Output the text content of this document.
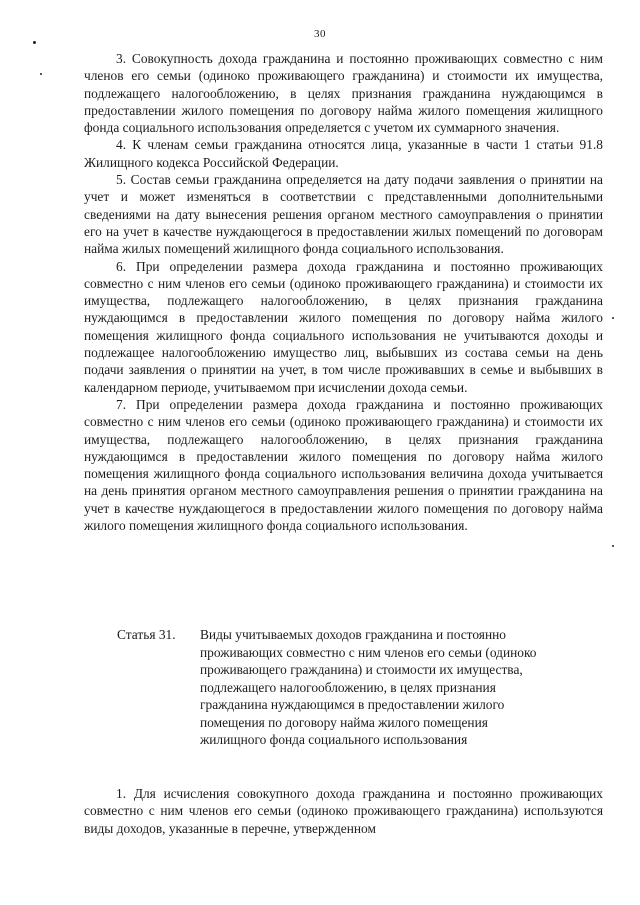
30

3. Совокупность дохода гражданина и постоянно проживающих совместно с ним членов его семьи (одиноко проживающего гражданина) и стоимости их имущества, подлежащего налогообложению, в целях признания гражданина нуждающимся в предоставлении жилого помещения по договору найма жилого помещения жилищного фонда социального использования определяется с учетом их суммарного значения.

4. К членам семьи гражданина относятся лица, указанные в части 1 статьи 91.8 Жилищного кодекса Российской Федерации.

5. Состав семьи гражданина определяется на дату подачи заявления о принятии на учет и может изменяться в соответствии с представленными дополнительными сведениями на дату вынесения решения органом местного самоуправления о принятии его на учет в качестве нуждающегося в предоставлении жилых помещений по договорам найма жилых помещений жилищного фонда социального использования.

6. При определении размера дохода гражданина и постоянно проживающих совместно с ним членов его семьи (одиноко проживающего гражданина) и стоимости их имущества, подлежащего налогообложению, в целях признания гражданина нуждающимся в предоставлении жилого помещения по договору найма жилого помещения жилищного фонда социального использования не учитываются доходы и подлежащее налогообложению имущество лиц, выбывших из состава семьи на день подачи заявления о принятии на учет, в том числе проживавших в семье и выбывших в календарном периоде, учитываемом при исчислении дохода семьи.

7. При определении размера дохода гражданина и постоянно проживающих совместно с ним членов его семьи (одиноко проживающего гражданина) и стоимости их имущества, подлежащего налогообложению, в целях признания гражданина нуждающимся в предоставлении жилого помещения по договору найма жилого помещения жилищного фонда социального использования величина дохода учитывается на день принятия органом местного самоуправления решения о принятии гражданина на учет в качестве нуждающегося в предоставлении жилого помещения по договору найма жилого помещения жилищного фонда социального использования.

Статья 31. Виды учитываемых доходов гражданина и постоянно проживающих совместно с ним членов его семьи (одиноко проживающего гражданина) и стоимости их имущества, подлежащего налогообложению, в целях признания гражданина нуждающимся в предоставлении жилого помещения по договору найма жилого помещения жилищного фонда социального использования

1. Для исчисления совокупного дохода гражданина и постоянно проживающих совместно с ним членов его семьи (одиноко проживающего гражданина) используются виды доходов, указанные в перечне, утвержденном
